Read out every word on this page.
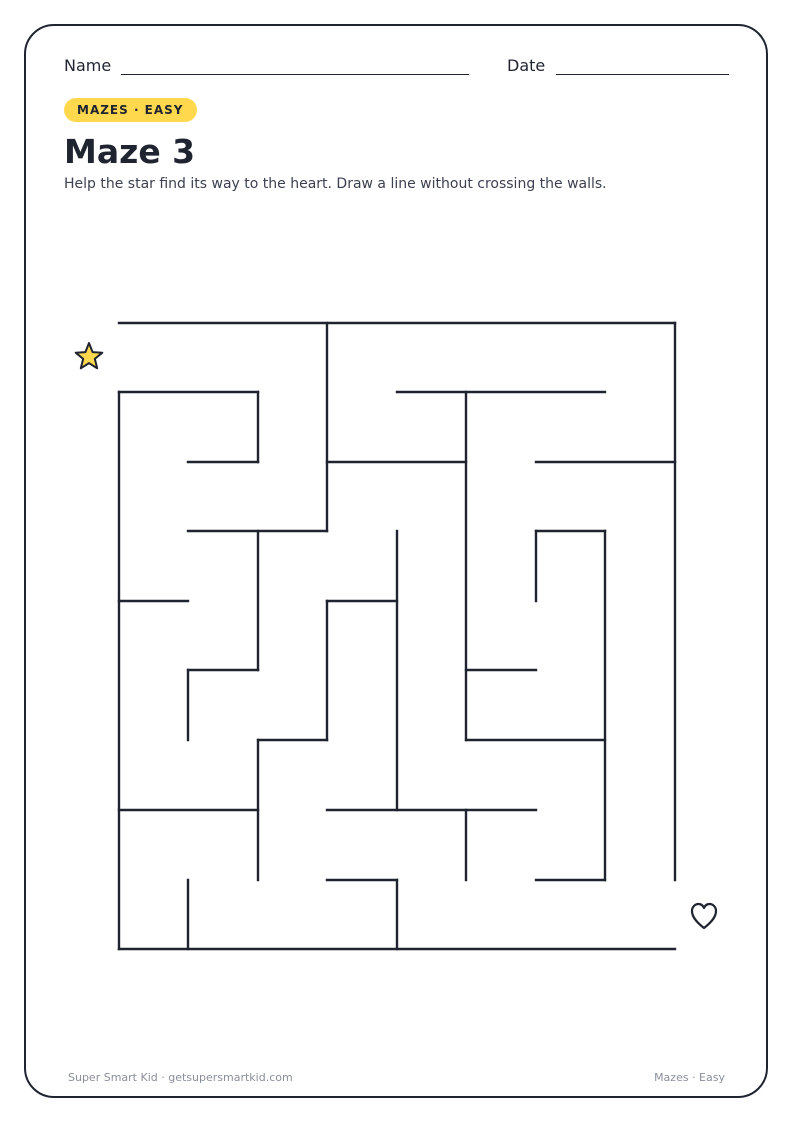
Name	Date
MAZES · EASY
Maze 3
Help the star find its way to the heart. Draw a line without crossing the walls.
Super Smart Kid · getsupersmartkid.com	Mazes · Easy
